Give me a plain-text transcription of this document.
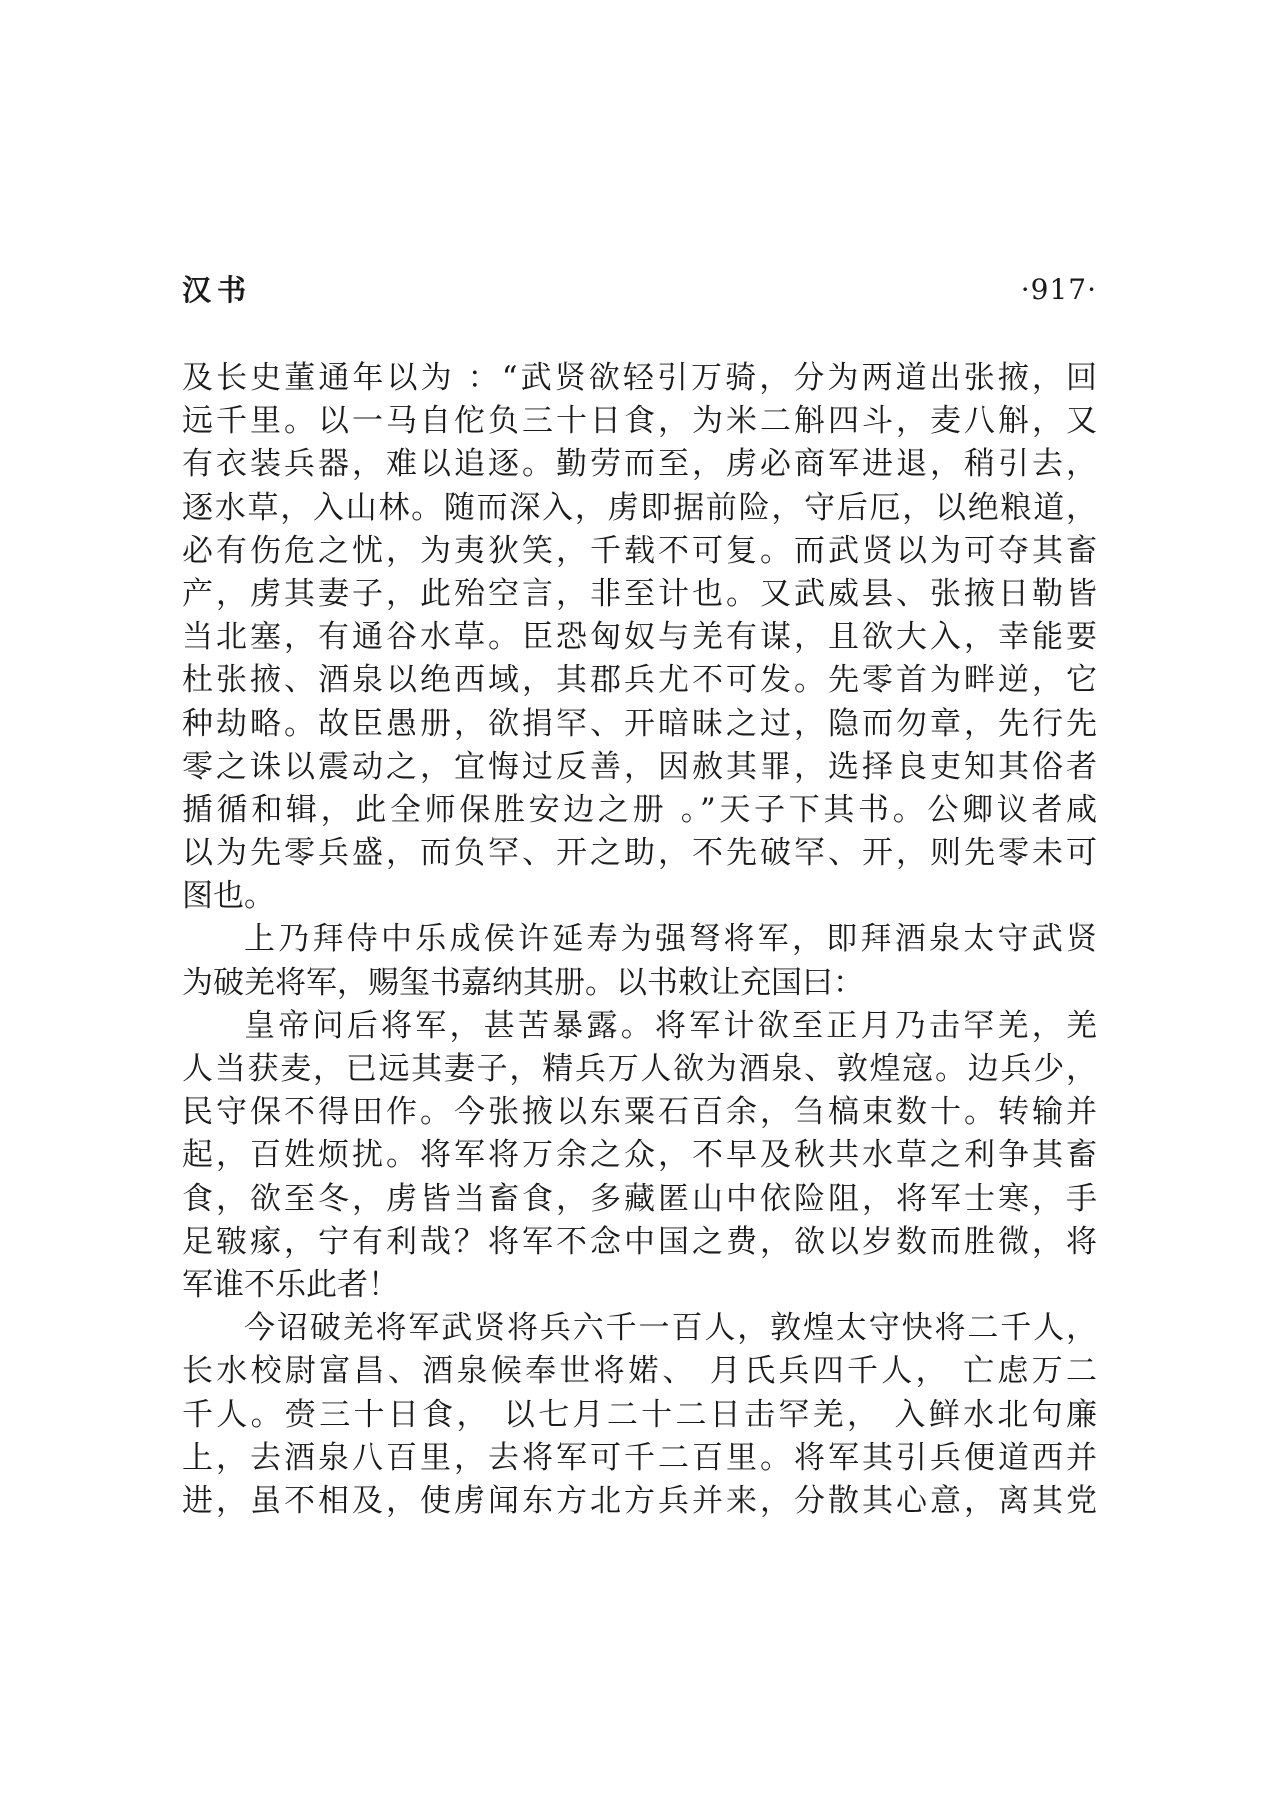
汉书	·917·
及长史董通年以为 ：“武贤欲轻引万骑，分为两道出张掖，回
远千里。以一马自佗负三十日食，为米二斛四斗，麦八斛，又
有衣装兵器，难以追逐。勤劳而至，虏必商军进退，稍引去，
逐水草，入山林。随而深入，虏即据前险，守后厄，以绝粮道，
必有伤危之忧，为夷狄笑，千载不可复。而武贤以为可夺其畜
产，虏其妻子，此殆空言，非至计也。又武威县、张掖日勒皆
当北塞，有通谷水草。臣恐匈奴与羌有谋，且欲大入，幸能要
杜张掖、酒泉以绝西域，其郡兵尤不可发。先零首为畔逆，它
种劫略。故臣愚册，欲捐罕、开暗昧之过，隐而勿章，先行先
零之诛以震动之，宜悔过反善，因赦其罪，选择良吏知其俗者
揗循和辑，此全师保胜安边之册 。”天子下其书。公卿议者咸
以为先零兵盛，而负罕、开之助，不先破罕、开，则先零未可
图也。
上乃拜侍中乐成侯许延寿为强弩将军，即拜酒泉太守武贤
为破羌将军，赐玺书嘉纳其册。以书敕让充国曰：
皇帝问后将军，甚苦暴露。将军计欲至正月乃击罕羌，羌
人当获麦，已远其妻子，精兵万人欲为酒泉、敦煌寇。边兵少，
民守保不得田作。今张掖以东粟石百余，刍槁束数十。转输并
起，百姓烦扰。将军将万余之众，不早及秋共水草之利争其畜
食，欲至冬，虏皆当畜食，多藏匿山中依险阻，将军士寒，手
足皲瘃，宁有利哉？将军不念中国之费，欲以岁数而胜微，将
军谁不乐此者！
今诏破羌将军武贤将兵六千一百人，敦煌太守快将二千人，
长水校尉富昌、酒泉候奉世将婼、 月氏兵四千人， 亡虑万二
千人。赍三十日食， 以七月二十二日击罕羌， 入鲜水北句廉
上，去酒泉八百里，去将军可千二百里。将军其引兵便道西并
进，虽不相及，使虏闻东方北方兵并来，分散其心意，离其党
